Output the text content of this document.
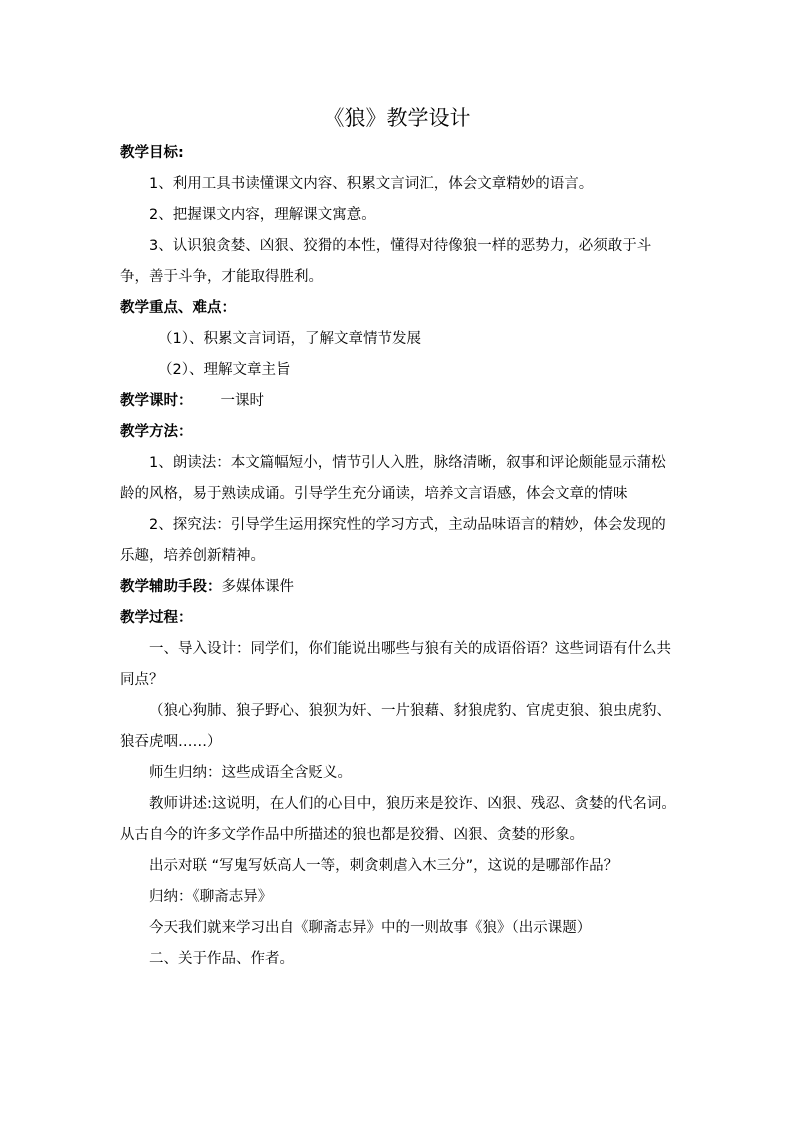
《狼》教学设计

教学目标:

1、利用工具书读懂课文内容、积累文言词汇，体会文章精妙的语言。

2、把握课文内容，理解课文寓意。

3、认识狼贪婪、凶狠、狡猾的本性，懂得对待像狼一样的恶势力，必须敢于斗争，善于斗争，才能取得胜利。

教学重点、难点：

（1）、积累文言词语，了解文章情节发展

（2）、理解文章主旨

教学课时： 一课时

教学方法：

1、朗读法：本文篇幅短小，情节引人入胜，脉络清晰，叙事和评论颇能显示蒲松龄的风格，易于熟读成诵。引导学生充分诵读，培养文言语感，体会文章的情味

2、探究法：引导学生运用探究性的学习方式，主动品味语言的精妙，体会发现的乐趣，培养创新精神。

教学辅助手段：多媒体课件

教学过程：

一、导入设计：同学们，你们能说出哪些与狼有关的成语俗语？这些词语有什么共同点？

（狼心狗肺、狼子野心、狼狈为奸、一片狼藉、豺狼虎豹、官虎吏狼、狼虫虎豹、狼吞虎咽……）

师生归纳：这些成语全含贬义。

教师讲述:这说明，在人们的心目中，狼历来是狡诈、凶狠、残忍、贪婪的代名词。从古自今的许多文学作品中所描述的狼也都是狡猾、凶狠、贪婪的形象。

出示对联 “写鬼写妖高人一等，刺贪刺虐入木三分”，这说的是哪部作品？

归纳：《聊斋志异》

今天我们就来学习出自《聊斋志异》中的一则故事《狼》（出示课题）

二、关于作品、作者。
